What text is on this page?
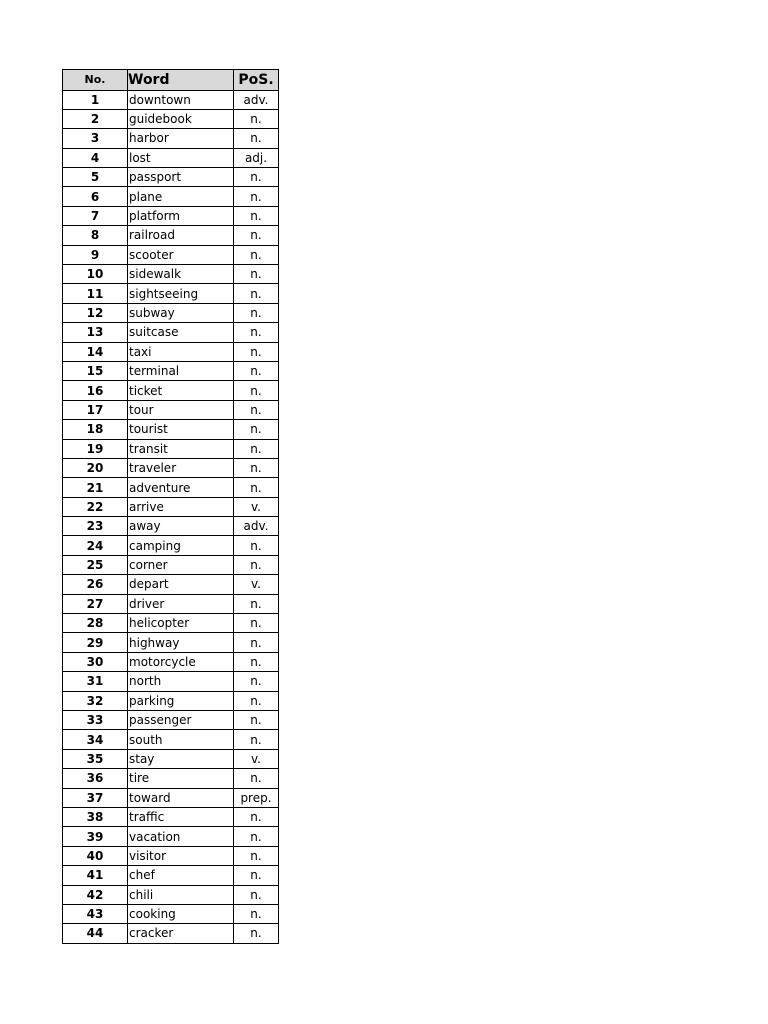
No.	Word	PoS.
1	downtown	adv.
2	guidebook	n.
3	harbor	n.
4	lost	adj.
5	passport	n.
6	plane	n.
7	platform	n.
8	railroad	n.
9	scooter	n.
10	sidewalk	n.
11	sightseeing	n.
12	subway	n.
13	suitcase	n.
14	taxi	n.
15	terminal	n.
16	ticket	n.
17	tour	n.
18	tourist	n.
19	transit	n.
20	traveler	n.
21	adventure	n.
22	arrive	v.
23	away	adv.
24	camping	n.
25	corner	n.
26	depart	v.
27	driver	n.
28	helicopter	n.
29	highway	n.
30	motorcycle	n.
31	north	n.
32	parking	n.
33	passenger	n.
34	south	n.
35	stay	v.
36	tire	n.
37	toward	prep.
38	traffic	n.
39	vacation	n.
40	visitor	n.
41	chef	n.
42	chili	n.
43	cooking	n.
44	cracker	n.
